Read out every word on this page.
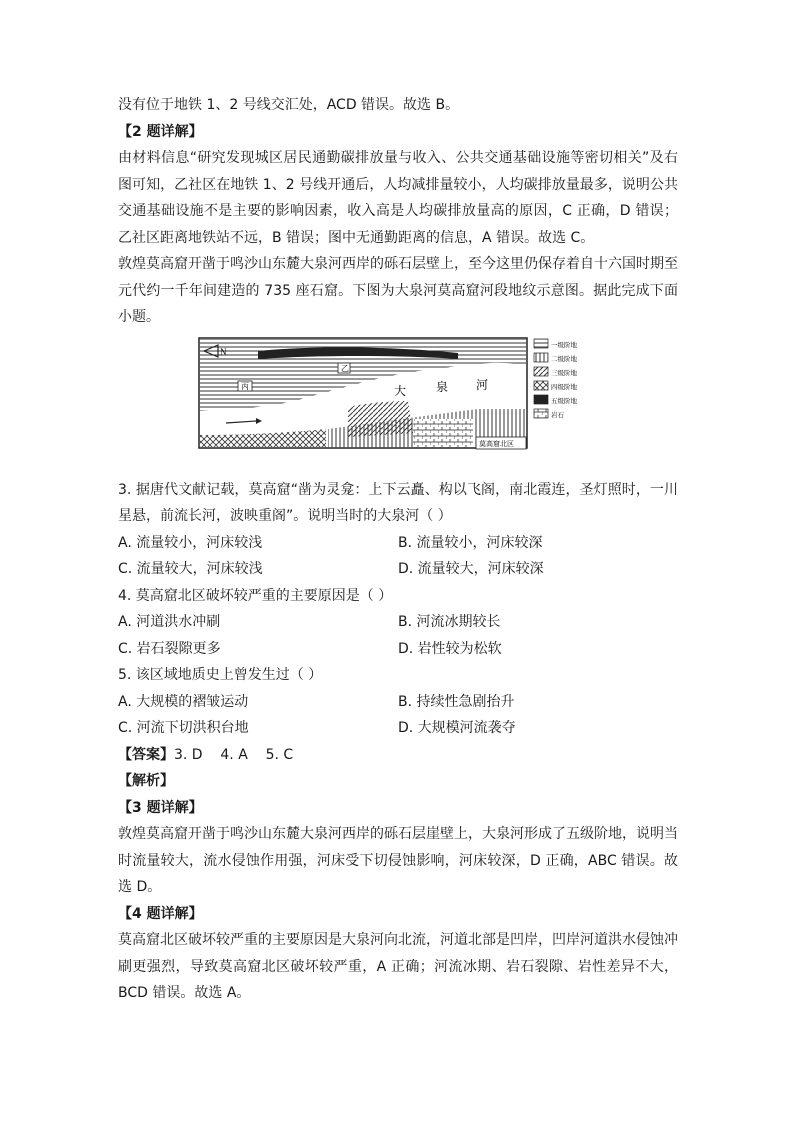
没有位于地铁 1、2 号线交汇处，ACD 错误。故选 B。

【2 题详解】

由材料信息“研究发现城区居民通勤碳排放量与收入、公共交通基础设施等密切相关”及右图可知，乙社区在地铁 1、2 号线开通后，人均减排量较小，人均碳排放量最多，说明公共交通基础设施不是主要的影响因素，收入高是人均碳排放量高的原因，C 正确，D 错误；乙社区距离地铁站不远，B 错误；图中无通勤距离的信息，A 错误。故选 C。

敦煌莫高窟开凿于鸣沙山东麓大泉河西岸的砾石层壁上，至今这里仍保存着自十六国时期至元代约一千年间建造的 735 座石窟。下图为大泉河莫高窟河段地纹示意图。据此完成下面小题。

N
乙
丙	大 泉 河
莫高窟北区
一级阶地
二级阶地
三级阶地
四级阶地
五级阶地
岩石

3. 据唐代文献记载，莫高窟“凿为灵龛：上下云矗、构以飞阁，南北霞连，圣灯照时，一川星悬，前流长河，波映重阁”。说明当时的大泉河（ ）

A. 流量较小，河床较浅	B. 流量较小，河床较深
C. 流量较大，河床较浅	D. 流量较大，河床较深

4. 莫高窟北区破坏较严重的主要原因是（ ）

A. 河道洪水冲刷	B. 河流冰期较长
C. 岩石裂隙更多	D. 岩性较为松软

5. 该区域地质史上曾发生过（ ）

A. 大规模的褶皱运动	B. 持续性急剧抬升
C. 河流下切洪积台地	D. 大规模河流袭夺

【答案】3. D    4. A    5. C

【解析】

【3 题详解】

敦煌莫高窟开凿于鸣沙山东麓大泉河西岸的砾石层崖壁上，大泉河形成了五级阶地，说明当时流量较大，流水侵蚀作用强，河床受下切侵蚀影响，河床较深，D 正确，ABC 错误。故选 D。

【4 题详解】

莫高窟北区破坏较严重的主要原因是大泉河向北流，河道北部是凹岸，凹岸河道洪水侵蚀冲刷更强烈，导致莫高窟北区破坏较严重，A 正确；河流冰期、岩石裂隙、岩性差异不大，BCD 错误。故选 A。
